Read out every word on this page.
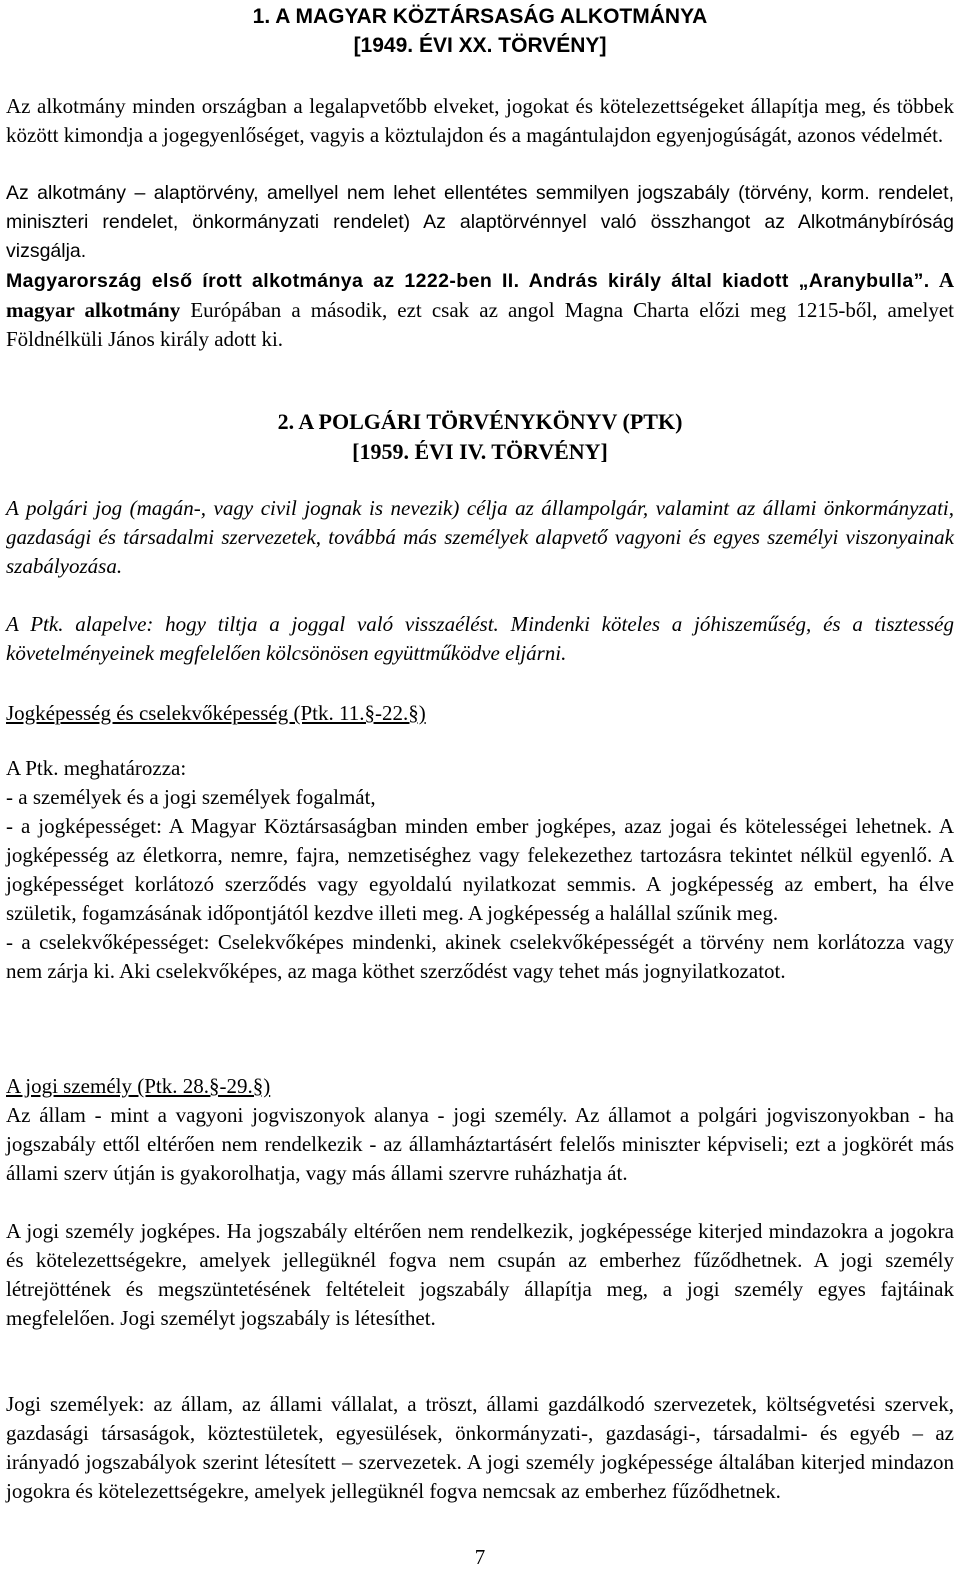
1. A MAGYAR KÖZTÁRSASÁG ALKOTMÁNYA
[1949. ÉVI XX. TÖRVÉNY]

Az alkotmány minden országban a legalapvetőbb elveket, jogokat és kötelezettségeket állapítja meg, és többek között kimondja a jogegyenlőséget, vagyis a köztulajdon és a magántulajdon egyenjogúságát, azonos védelmét.

Az alkotmány – alaptörvény, amellyel nem lehet ellentétes semmilyen jogszabály (törvény, korm. rendelet, miniszteri rendelet, önkormányzati rendelet) Az alaptörvénnyel való összhangot az Alkotmánybíróság vizsgálja.

Magyarország első írott alkotmánya az 1222-ben II. András király által kiadott „Aranybulla”. A magyar alkotmány Európában a második, ezt csak az angol Magna Charta előzi meg 1215-ből, amelyet Földnélküli János király adott ki.

2. A POLGÁRI TÖRVÉNYKÖNYV (PTK)
[1959. ÉVI IV. TÖRVÉNY]

A polgári jog (magán-, vagy civil jognak is nevezik) célja az állampolgár, valamint az állami önkormányzati, gazdasági és társadalmi szervezetek, továbbá más személyek alapvető vagyoni és egyes személyi viszonyainak szabályozása.

A Ptk. alapelve: hogy tiltja a joggal való visszaélést. Mindenki köteles a jóhiszeműség, és a tisztesség követelményeinek megfelelően kölcsönösen együttműködve eljárni.

Jogképesség és cselekvőképesség (Ptk. 11.§-22.§)

A Ptk. meghatározza:
- a személyek és a jogi személyek fogalmát,
- a jogképességet: A Magyar Köztársaságban minden ember jogképes, azaz jogai és kötelességei lehetnek. A jogképesség az életkorra, nemre, fajra, nemzetiséghez vagy felekezethez tartozásra tekintet nélkül egyenlő. A jogképességet korlátozó szerződés vagy egyoldalú nyilatkozat semmis. A jogképesség az embert, ha élve születik, fogamzásának időpontjától kezdve illeti meg. A jogképesség a halállal szűnik meg.
- a cselekvőképességet: Cselekvőképes mindenki, akinek cselekvőképességét a törvény nem korlátozza vagy nem zárja ki. Aki cselekvőképes, az maga köthet szerződést vagy tehet más jognyilatkozatot.

A jogi személy (Ptk. 28.§-29.§)

Az állam - mint a vagyoni jogviszonyok alanya - jogi személy. Az államot a polgári jogviszonyokban - ha jogszabály ettől eltérően nem rendelkezik - az államháztartásért felelős miniszter képviseli; ezt a jogkörét más állami szerv útján is gyakorolhatja, vagy más állami szervre ruházhatja át.

A jogi személy jogképes. Ha jogszabály eltérően nem rendelkezik, jogképessége kiterjed mindazokra a jogokra és kötelezettségekre, amelyek jellegüknél fogva nem csupán az emberhez fűződhetnek. A jogi személy létrejöttének és megszüntetésének feltételeit jogszabály állapítja meg, a jogi személy egyes fajtáinak megfelelően. Jogi személyt jogszabály is létesíthet.

Jogi személyek: az állam, az állami vállalat, a tröszt, állami gazdálkodó szervezetek, költségvetési szervek, gazdasági társaságok, köztestületek, egyesülések, önkormányzati-, gazdasági-, társadalmi- és egyéb – az irányadó jogszabályok szerint létesített – szervezetek. A jogi személy jogképessége általában kiterjed mindazon jogokra és kötelezettségekre, amelyek jellegüknél fogva nemcsak az emberhez fűződhetnek.

7
